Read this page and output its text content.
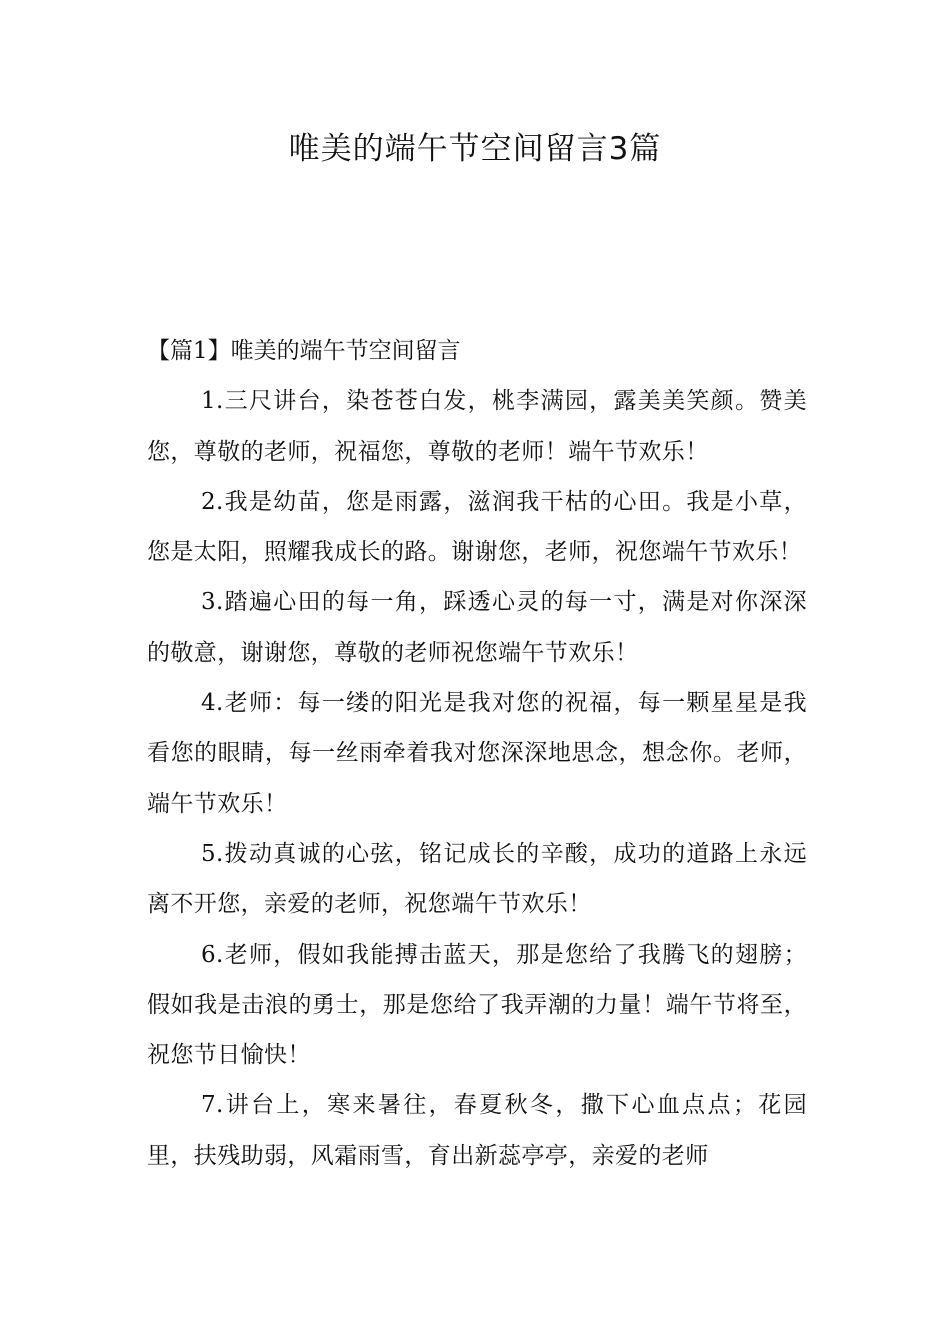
唯美的端午节空间留言3篇

【篇1】唯美的端午节空间留言

1.三尺讲台，染苍苍白发，桃李满园，露美美笑颜。赞美您，尊敬的老师，祝福您，尊敬的老师！端午节欢乐！

2.我是幼苗，您是雨露，滋润我干枯的心田。我是小草，您是太阳，照耀我成长的路。谢谢您，老师，祝您端午节欢乐！

3.踏遍心田的每一角，踩透心灵的每一寸，满是对你深深的敬意，谢谢您，尊敬的老师祝您端午节欢乐！

4.老师：每一缕的阳光是我对您的祝福，每一颗星星是我看您的眼睛，每一丝雨牵着我对您深深地思念，想念你。老师，端午节欢乐！

5.拨动真诚的心弦，铭记成长的辛酸，成功的道路上永远离不开您，亲爱的老师，祝您端午节欢乐！

6.老师，假如我能搏击蓝天，那是您给了我腾飞的翅膀；假如我是击浪的勇士，那是您给了我弄潮的力量！端午节将至，祝您节日愉快！

7.讲台上，寒来暑往，春夏秋冬，撒下心血点点；花园里，扶残助弱，风霜雨雪，育出新蕊亭亭，亲爱的老师
